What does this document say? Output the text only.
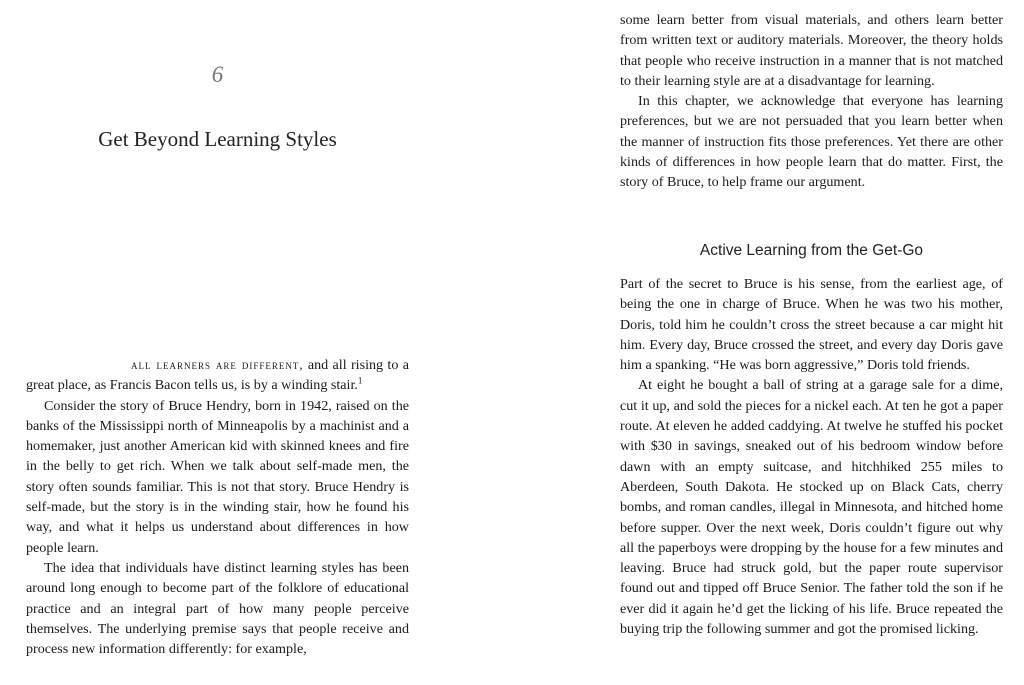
6
Get Beyond Learning Styles

all learners are different, and all rising to a great place, as Francis Bacon tells us, is by a winding stair.$^1$

Consider the story of Bruce Hendry, born in 1942, raised on the banks of the Mississippi north of Minneapolis by a machinist and a homemaker, just another American kid with skinned knees and fire in the belly to get rich. When we talk about self-made men, the story often sounds familiar. This is not that story. Bruce Hendry is self-made, but the story is in the winding stair, how he found his way, and what it helps us understand about differences in how people learn.

The idea that individuals have distinct learning styles has been around long enough to become part of the folklore of educational practice and an integral part of how many people perceive themselves. The underlying premise says that people receive and process new information differently: for example,

some learn better from visual materials, and others learn better from written text or auditory materials. Moreover, the theory holds that people who receive instruction in a manner that is not matched to their learning style are at a disadvantage for learning.

In this chapter, we acknowledge that everyone has learning preferences, but we are not persuaded that you learn better when the manner of instruction fits those preferences. Yet there are other kinds of differences in how people learn that do matter. First, the story of Bruce, to help frame our argument.

Active Learning from the Get-Go

Part of the secret to Bruce is his sense, from the earliest age, of being the one in charge of Bruce. When he was two his mother, Doris, told him he couldn’t cross the street because a car might hit him. Every day, Bruce crossed the street, and every day Doris gave him a spanking. “He was born aggressive,” Doris told friends.

At eight he bought a ball of string at a garage sale for a dime, cut it up, and sold the pieces for a nickel each. At ten he got a paper route. At eleven he added caddying. At twelve he stuffed his pocket with $30 in savings, sneaked out of his bedroom window before dawn with an empty suitcase, and hitchhiked 255 miles to Aberdeen, South Dakota. He stocked up on Black Cats, cherry bombs, and roman candles, illegal in Minnesota, and hitched home before supper. Over the next week, Doris couldn’t figure out why all the paperboys were dropping by the house for a few minutes and leaving. Bruce had struck gold, but the paper route supervisor found out and tipped off Bruce Senior. The father told the son if he ever did it again he’d get the licking of his life. Bruce repeated the buying trip the following summer and got the promised licking.
